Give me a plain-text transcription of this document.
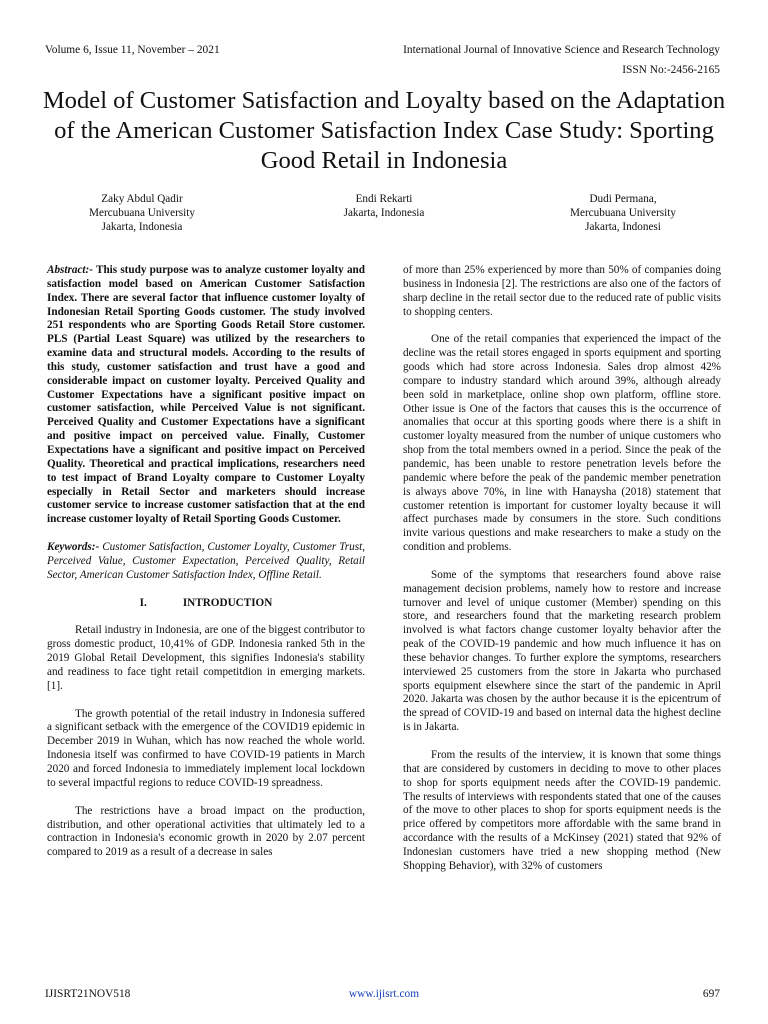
Volume 6, Issue 11, November – 2021	International Journal of Innovative Science and Research Technology
ISSN No:-2456-2165
Model of Customer Satisfaction and Loyalty based on the Adaptation of the American Customer Satisfaction Index Case Study: Sporting Good Retail in Indonesia
Zaky Abdul Qadir
Mercubuana University
Jakarta, Indonesia
Endi Rekarti
Jakarta, Indonesia
Dudi Permana,
Mercubuana University
Jakarta, Indonesi

Abstract:- This study purpose was to analyze customer loyalty and satisfaction model based on American Customer Satisfaction Index. There are several factor that influence customer loyalty of Indonesian Retail Sporting Goods customer. The study involved 251 respondents who are Sporting Goods Retail Store customer. PLS (Partial Least Square) was utilized by the researchers to examine data and structural models. According to the results of this study, customer satisfaction and trust have a good and considerable impact on customer loyalty. Perceived Quality and Customer Expectations have a significant positive impact on customer satisfaction, while Perceived Value is not significant. Perceived Quality and Customer Expectations have a significant and positive impact on perceived value. Finally, Customer Expectations have a significant and positive impact on Perceived Quality. Theoretical and practical implications, researchers need to test impact of Brand Loyalty compare to Customer Loyalty especially in Retail Sector and marketers should increase customer service to increase customer satisfaction that at the end increase customer loyalty of Retail Sporting Goods Customer.

Keywords:- Customer Satisfaction, Customer Loyalty, Customer Trust, Perceived Value, Customer Expectation, Perceived Quality, Retail Sector, American Customer Satisfaction Index, Offline Retail.

I.	INTRODUCTION

Retail industry in Indonesia, are one of the biggest contributor to gross domestic product, 10,41% of GDP. Indonesia ranked 5th in the 2019 Global Retail Development, this signifies Indonesia's stability and readiness to face tight retail competitdion in emerging markets. [1].

The growth potential of the retail industry in Indonesia suffered a significant setback with the emergence of the COVID19 epidemic in December 2019 in Wuhan, which has now reached the whole world. Indonesia itself was confirmed to have COVID-19 patients in March 2020 and forced Indonesia to immediately implement local lockdown to several impactful regions to reduce COVID-19 spreadness.

The restrictions have a broad impact on the production, distribution, and other operational activities that ultimately led to a contraction in Indonesia's economic growth in 2020 by 2.07 percent compared to 2019 as a result of a decrease in sales

of more than 25% experienced by more than 50% of companies doing business in Indonesia [2]. The restrictions are also one of the factors of sharp decline in the retail sector due to the reduced rate of public visits to shopping centers.

One of the retail companies that experienced the impact of the decline was the retail stores engaged in sports equipment and sporting goods which had store across Indonesia. Sales drop almost 42% compare to industry standard which around 39%, although already been sold in marketplace, online shop own platform, offline store. Other issue is One of the factors that causes this is the occurrence of anomalies that occur at this sporting goods where there is a shift in customer loyalty measured from the number of unique customers who shop from the total members owned in a period. Since the peak of the pandemic, has been unable to restore penetration levels before the pandemic where before the peak of the pandemic member penetration is always above 70%, in line with Hanaysha (2018) statement that customer retention is important for customer loyalty because it will affect purchases made by consumers in the store. Such conditions invite various questions and make researchers to make a study on the condition and problems.

Some of the symptoms that researchers found above raise management decision problems, namely how to restore and increase turnover and level of unique customer (Member) spending on this store, and researchers found that the marketing research problem involved is what factors change customer loyalty behavior after the peak of the COVID-19 pandemic and how much influence it has on these behavior changes. To further explore the symptoms, researchers interviewed 25 customers from the store in Jakarta who purchased sports equipment elsewhere since the start of the pandemic in April 2020. Jakarta was chosen by the author because it is the epicentrum of the spread of COVID-19 and based on internal data the highest decline is in Jakarta.

From the results of the interview, it is known that some things that are considered by customers in deciding to move to other places to shop for sports equipment needs after the COVID-19 pandemic. The results of interviews with respondents stated that one of the causes of the move to other places to shop for sports equipment needs is the price offered by competitors more affordable with the same brand in accordance with the results of a McKinsey (2021) stated that 92% of Indonesian customers have tried a new shopping method (New Shopping Behavior), with 32% of customers

IJISRT21NOV518	www.ijisrt.com	697
